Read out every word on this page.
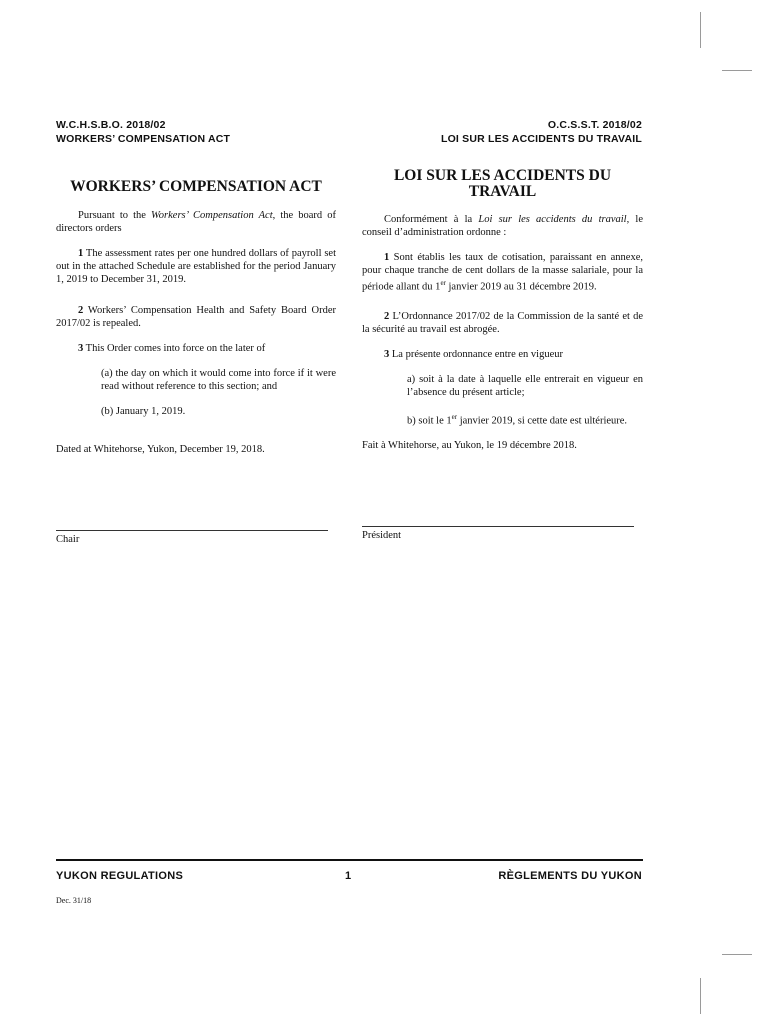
W.C.H.S.B.O. 2018/02
WORKERS’ COMPENSATION ACT
O.C.S.S.T. 2018/02
LOI SUR LES ACCIDENTS DU TRAVAIL
WORKERS’ COMPENSATION ACT

Pursuant to the Workers’ Compensation Act, the board of directors orders

1 The assessment rates per one hundred dollars of payroll set out in the attached Schedule are established for the period January 1, 2019 to December 31, 2019.

2 Workers’ Compensation Health and Safety Board Order 2017/02 is repealed.

3 This Order comes into force on the later of

(a) the day on which it would come into force if it were read without reference to this section; and

(b) January 1, 2019.

Dated at Whitehorse, Yukon, December 19, 2018.

Chair
LOI SUR LES ACCIDENTS DU TRAVAIL

Conformément à la Loi sur les accidents du travail, le conseil d’administration ordonne :

1 Sont établis les taux de cotisation, paraissant en annexe, pour chaque tranche de cent dollars de la masse salariale, pour la période allant du 1er janvier 2019 au 31 décembre 2019.

2 L’Ordonnance 2017/02 de la Commission de la santé et de la sécurité au travail est abrogée.

3 La présente ordonnance entre en vigueur

a) soit à la date à laquelle elle entrerait en vigueur en l’absence du présent article;

b) soit le 1er janvier 2019, si cette date est ultérieure.

Fait à Whitehorse, au Yukon, le 19 décembre 2018.

Président
YUKON REGULATIONS	1	RÈGLEMENTS DU YUKON
Dec. 31/18
